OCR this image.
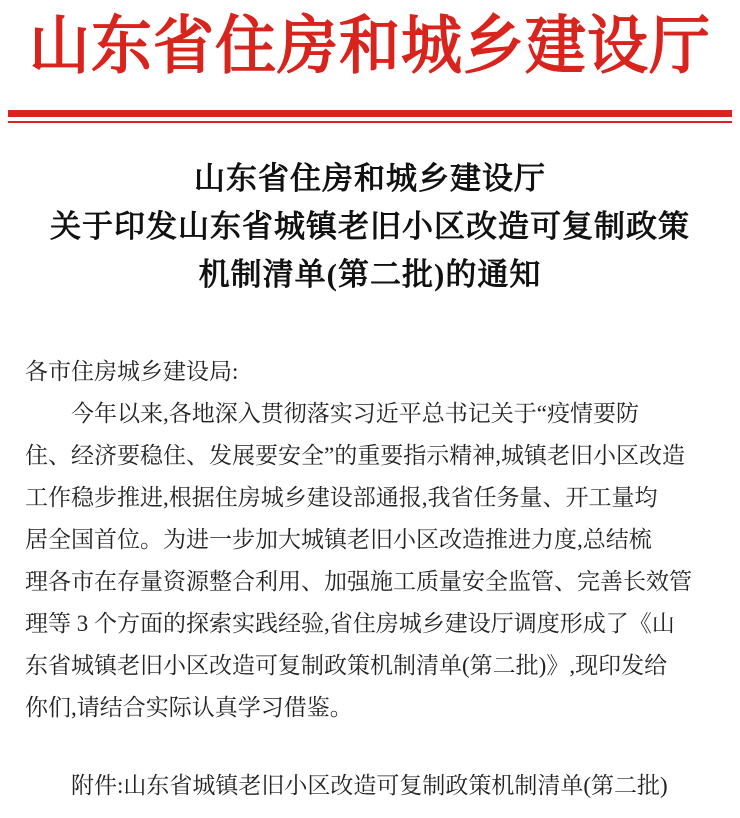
山东省住房和城乡建设厅
山东省住房和城乡建设厅
关于印发山东省城镇老旧小区改造可复制政策
机制清单(第二批)的通知
各市住房城乡建设局:
今年以来,各地深入贯彻落实习近平总书记关于“疫情要防
住、经济要稳住、发展要安全”的重要指示精神,城镇老旧小区改造
工作稳步推进,根据住房城乡建设部通报,我省任务量、开工量均
居全国首位。为进一步加大城镇老旧小区改造推进力度,总结梳
理各市在存量资源整合利用、加强施工质量安全监管、完善长效管
理等 3 个方面的探索实践经验,省住房城乡建设厅调度形成了《山
东省城镇老旧小区改造可复制政策机制清单(第二批)》,现印发给
你们,请结合实际认真学习借鉴。
附件:山东省城镇老旧小区改造可复制政策机制清单(第二批)
